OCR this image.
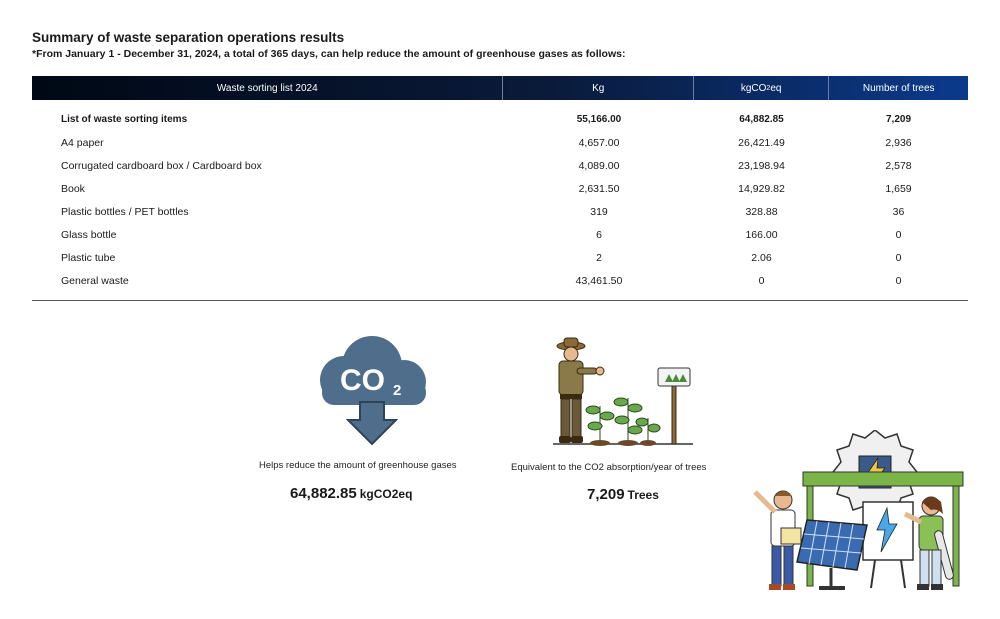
Summary of waste separation operations results
*From January 1 - December 31, 2024, a total of 365 days, can help reduce the amount of greenhouse gases as follows:
Waste sorting list 2024	Kg	kgCO 2 eq	Number of trees
List of waste sorting items	55,166.00	64,882.85	7,209
A4 paper	4,657.00	26,421.49	2,936
Corrugated cardboard box / Cardboard box	4,089.00	23,198.94	2,578
Book	2,631.50	14,929.82	1,659
Plastic bottles / PET bottles	319	328.88	36
Glass bottle	6	166.00	0
Plastic tube	2	2.06	0
General waste	43,461.50	0	0
CO 2
Helps reduce the amount of greenhouse gases
64,882.85 kgCO2eq
Equivalent to the CO2 absorption/year of trees
7,209 Trees
